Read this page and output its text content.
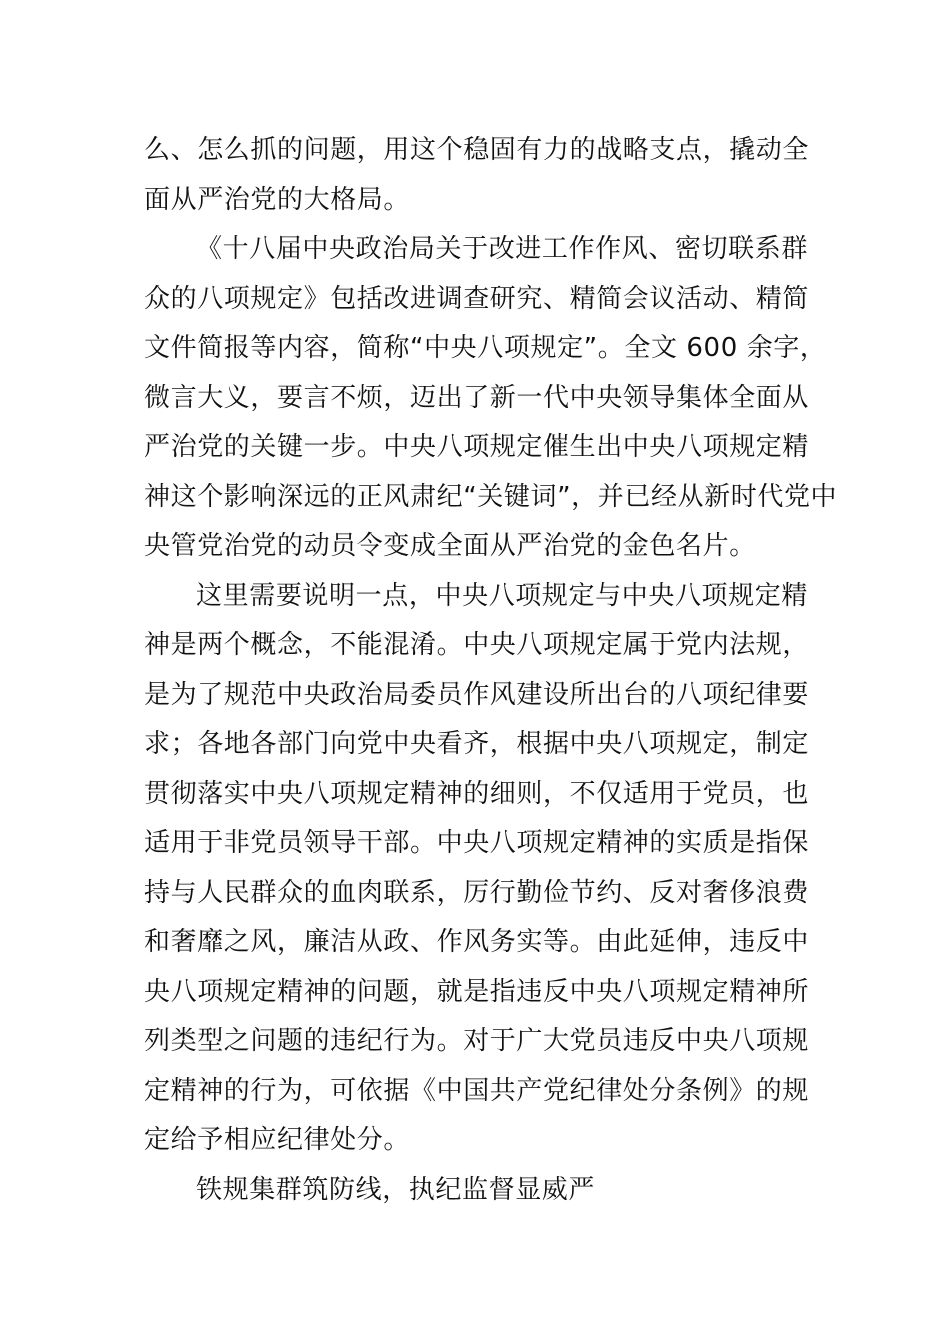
么、怎么抓的问题，用这个稳固有力的战略支点，撬动全
面从严治党的大格局。
《十八届中央政治局关于改进工作作风、密切联系群
众的八项规定》包括改进调查研究、精简会议活动、精简
文件简报等内容，简称“中央八项规定”。全文 600 余字，
微言大义，要言不烦，迈出了新一代中央领导集体全面从
严治党的关键一步。中央八项规定催生出中央八项规定精
神这个影响深远的正风肃纪“关键词”，并已经从新时代党中
央管党治党的动员令变成全面从严治党的金色名片。
这里需要说明一点，中央八项规定与中央八项规定精
神是两个概念，不能混淆。中央八项规定属于党内法规，
是为了规范中央政治局委员作风建设所出台的八项纪律要
求；各地各部门向党中央看齐，根据中央八项规定，制定
贯彻落实中央八项规定精神的细则，不仅适用于党员，也
适用于非党员领导干部。中央八项规定精神的实质是指保
持与人民群众的血肉联系，厉行勤俭节约、反对奢侈浪费
和奢靡之风，廉洁从政、作风务实等。由此延伸，违反中
央八项规定精神的问题，就是指违反中央八项规定精神所
列类型之问题的违纪行为。对于广大党员违反中央八项规
定精神的行为，可依据《中国共产党纪律处分条例》的规
定给予相应纪律处分。
铁规集群筑防线，执纪监督显威严
